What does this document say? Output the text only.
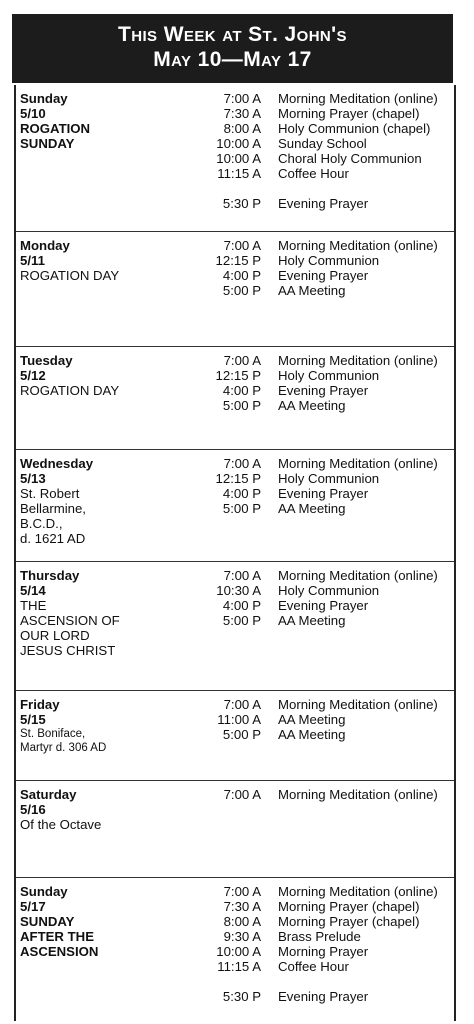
This Week at St. John's
May 10—May 17
Sunday
5/10
ROGATION
SUNDAY
7:00 A Morning Meditation (online)
7:30 A Morning Prayer (chapel)
8:00 A Holy Communion (chapel)
10:00 A Sunday School
10:00 A Choral Holy Communion
11:15 A Coffee Hour
5:30 P Evening Prayer
Monday
5/11
ROGATION DAY
7:00 A Morning Meditation (online)
12:15 P Holy Communion
4:00 P Evening Prayer
5:00 P AA Meeting
Tuesday
5/12
ROGATION DAY
7:00 A Morning Meditation (online)
12:15 P Holy Communion
4:00 P Evening Prayer
5:00 P AA Meeting
Wednesday
5/13
St. Robert
Bellarmine,
B.C.D.,
d. 1621 AD
7:00 A Morning Meditation (online)
12:15 P Holy Communion
4:00 P Evening Prayer
5:00 P AA Meeting
Thursday
5/14
THE
ASCENSION OF
OUR LORD
JESUS CHRIST
7:00 A Morning Meditation (online)
10:30 A Holy Communion
4:00 P Evening Prayer
5:00 P AA Meeting
Friday
5/15
St. Boniface,
Martyr d. 306 AD
7:00 A Morning Meditation (online)
11:00 A AA Meeting
5:00 P AA Meeting
Saturday
5/16
Of the Octave
7:00 A Morning Meditation (online)
Sunday
5/17
SUNDAY
AFTER THE
ASCENSION
7:00 A Morning Meditation (online)
7:30 A Morning Prayer (chapel)
8:00 A Morning Prayer (chapel)
9:30 A Brass Prelude
10:00 A Morning Prayer
11:15 A Coffee Hour
5:30 P Evening Prayer
